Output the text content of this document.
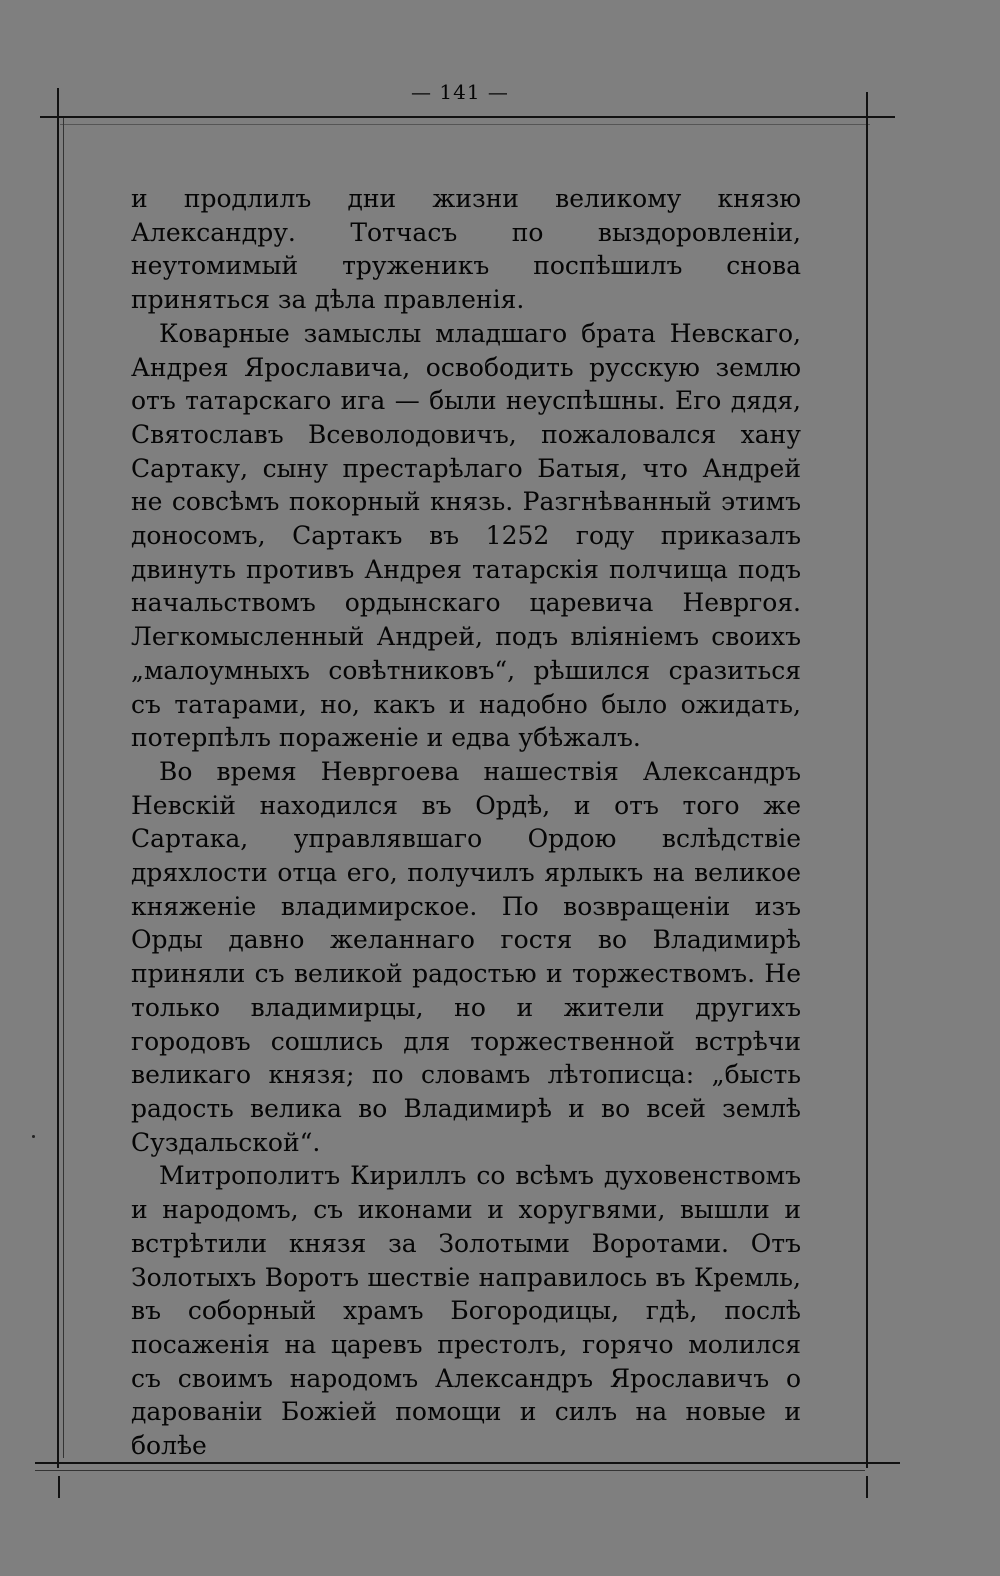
— 141 —

и продлилъ дни жизни великому князю Александру. Тотчасъ по выздоровленіи, неутомимый труженикъ поспѣшилъ снова приняться за дѣла правленія.

Коварные замыслы младшаго брата Невскаго, Андрея Ярославича, освободить русскую землю отъ татарскаго ига — были неуспѣшны. Его дядя, Святославъ Всеволодовичъ, пожаловался хану Сартаку, сыну престарѣлаго Батыя, что Андрей не совсѣмъ покорный князь. Разгнѣванный этимъ доносомъ, Сартакъ въ 1252 году приказалъ двинуть противъ Андрея татарскія полчища подъ начальствомъ ордынскаго царевича Невргоя. Легкомысленный Андрей, подъ вліяніемъ своихъ „малоумныхъ совѣтниковъ“, рѣшился сразиться съ татарами, но, какъ и надобно было ожидать, потерпѣлъ пораженіе и едва убѣжалъ.

Во время Невргоева нашествія Александръ Невскій находился въ Ордѣ, и отъ того же Сартака, управлявшаго Ордою вслѣдствіе дряхлости отца его, получилъ ярлыкъ на великое княженіе владимирское. По возвращеніи изъ Орды давно желаннаго гостя во Владимирѣ приняли съ великой радостью и торжествомъ. Не только владимирцы, но и жители другихъ городовъ сошлись для торжественной встрѣчи великаго князя; по словамъ лѣтописца: „бысть радость велика во Владимирѣ и во всей землѣ Суздальской“.

Митрополитъ Кириллъ со всѣмъ духовенствомъ и народомъ, съ иконами и хоругвями, вышли и встрѣтили князя за Золотыми Воротами. Отъ Золотыхъ Воротъ шествіе направилось въ Кремль, въ соборный храмъ Богородицы, гдѣ, послѣ посаженія на царевъ престолъ, горячо молился съ своимъ народомъ Александръ Ярославичъ о дарованіи Божіей помощи и силъ на новые и болѣе
